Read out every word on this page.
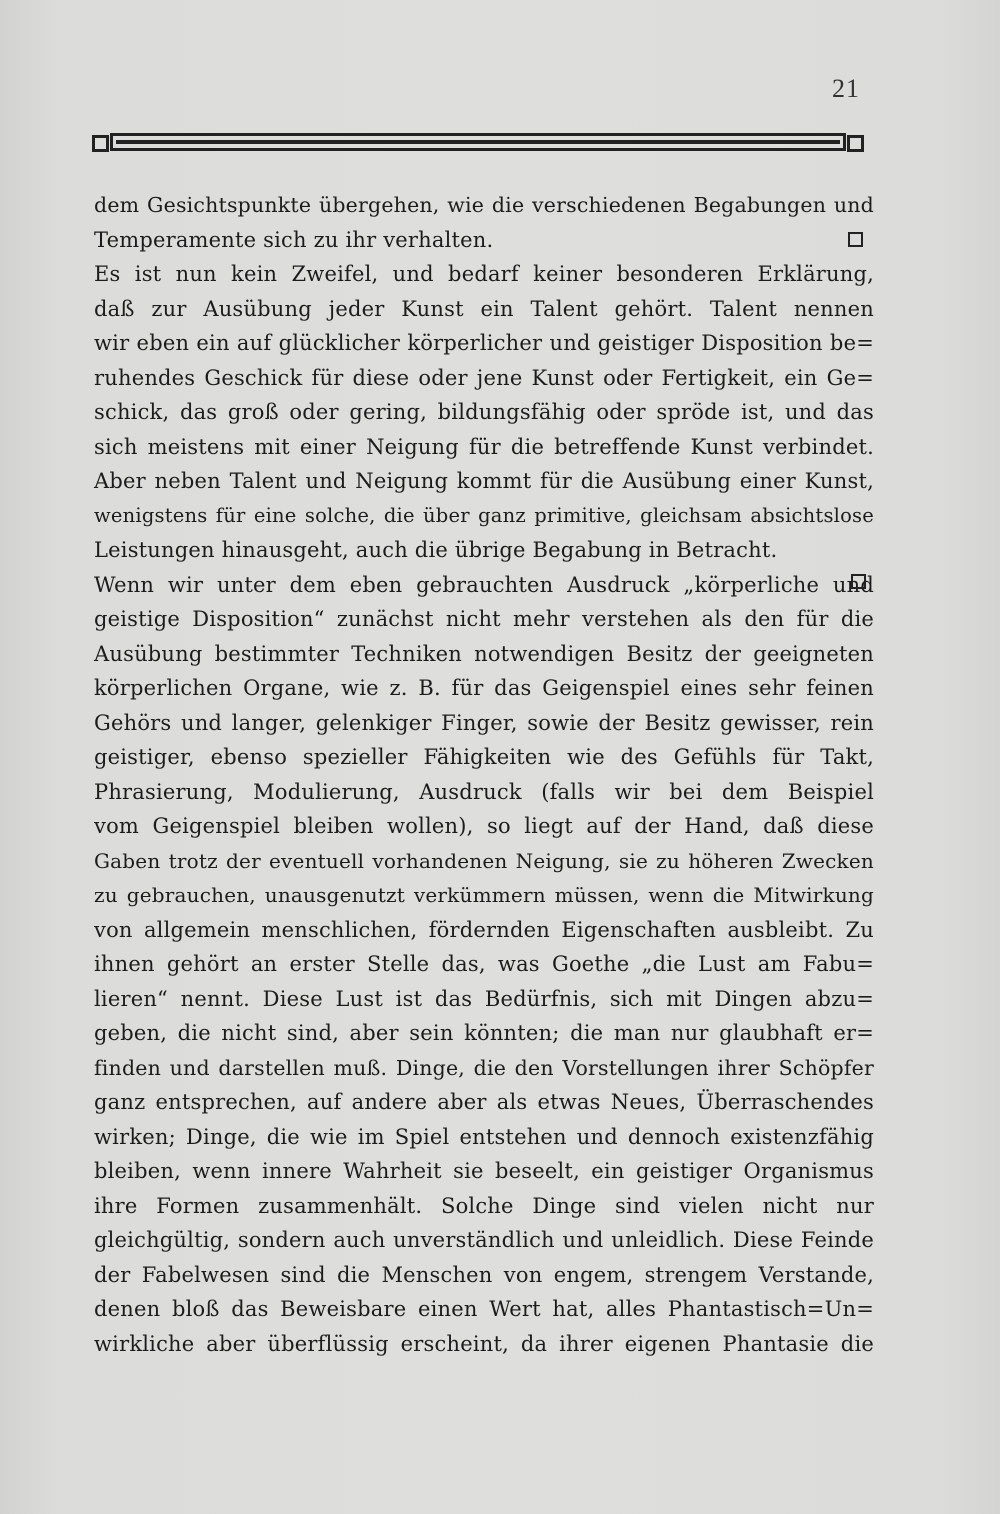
21
dem Gesichtspunkte übergehen, wie die verschiedenen Begabungen und
Temperamente sich zu ihr verhalten.
Es ist nun kein Zweifel, und bedarf keiner besonderen Erklärung,
daß zur Ausübung jeder Kunst ein Talent gehört. Talent nennen
wir eben ein auf glücklicher körperlicher und geistiger Disposition be=
ruhendes Geschick für diese oder jene Kunst oder Fertigkeit, ein Ge=
schick, das groß oder gering, bildungsfähig oder spröde ist, und das
sich meistens mit einer Neigung für die betreffende Kunst verbindet.
Aber neben Talent und Neigung kommt für die Ausübung einer Kunst,
wenigstens für eine solche, die über ganz primitive, gleichsam absichtslose
Leistungen hinausgeht, auch die übrige Begabung in Betracht.
Wenn wir unter dem eben gebrauchten Ausdruck „körperliche und
geistige Disposition“ zunächst nicht mehr verstehen als den für die
Ausübung bestimmter Techniken notwendigen Besitz der geeigneten
körperlichen Organe, wie z. B. für das Geigenspiel eines sehr feinen
Gehörs und langer, gelenkiger Finger, sowie der Besitz gewisser, rein
geistiger, ebenso spezieller Fähigkeiten wie des Gefühls für Takt,
Phrasierung, Modulierung, Ausdruck (falls wir bei dem Beispiel
vom Geigenspiel bleiben wollen), so liegt auf der Hand, daß diese
Gaben trotz der eventuell vorhandenen Neigung, sie zu höheren Zwecken
zu gebrauchen, unausgenutzt verkümmern müssen, wenn die Mitwirkung
von allgemein menschlichen, fördernden Eigenschaften ausbleibt. Zu
ihnen gehört an erster Stelle das, was Goethe „die Lust am Fabu=
lieren“ nennt. Diese Lust ist das Bedürfnis, sich mit Dingen abzu=
geben, die nicht sind, aber sein könnten; die man nur glaubhaft er=
finden und darstellen muß. Dinge, die den Vorstellungen ihrer Schöpfer
ganz entsprechen, auf andere aber als etwas Neues, Überraschendes
wirken; Dinge, die wie im Spiel entstehen und dennoch existenzfähig
bleiben, wenn innere Wahrheit sie beseelt, ein geistiger Organismus
ihre Formen zusammenhält. Solche Dinge sind vielen nicht nur
gleichgültig, sondern auch unverständlich und unleidlich. Diese Feinde
der Fabelwesen sind die Menschen von engem, strengem Verstande,
denen bloß das Beweisbare einen Wert hat, alles Phantastisch=Un=
wirkliche aber überflüssig erscheint, da ihrer eigenen Phantasie die
